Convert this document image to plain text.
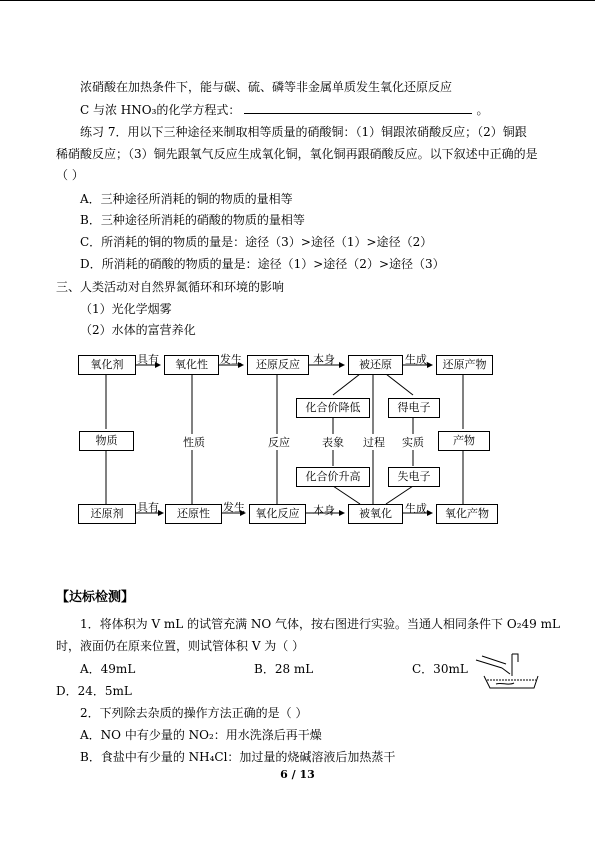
浓硝酸在加热条件下，能与碳、硫、磷等非金属单质发生氧化还原反应
C 与浓 HNO₃的化学方程式：	。
练习 7．用以下三种途径来制取相等质量的硝酸铜：（1）铜跟浓硝酸反应；（2）铜跟
稀硝酸反应；（3）铜先跟氧气反应生成氧化铜，氧化铜再跟硝酸反应。以下叙述中正确的是
（ ）
A．三种途径所消耗的铜的物质的量相等
B．三种途径所消耗的硝酸的物质的量相等
C．所消耗的铜的物质的量是：途径（3）>途径（1）>途径（2）
D．所消耗的硝酸的物质的量是：途径（1）>途径（2）>途径（3）
三、人类活动对自然界氮循环和环境的影响
（1）光化学烟雾
（2）水体的富营养化
氧化剂	氧化性	还原反应	被还原	还原产物
化合价降低	得电子
物质	产物
化合价升高	失电子
还原剂	还原性	氧化反应	被氧化	氧化产物
具有	发生	本身	生成
具有	发生	本身	生成
性质	反应	表象 过程 实质
【达标检测】
1．将体积为 V mL 的试管充满 NO 气体，按右图进行实验。当通人相同条件下 O₂49 mL
时，液面仍在原来位置，则试管体积 V 为（ ）
A．49mL	B．28 mL	C．30mL
D．24．5mL
2．下列除去杂质的操作方法正确的是（ ）
A．NO 中有少量的 NO₂：用水洗涤后再干燥
B．食盐中有少量的 NH₄Cl：加过量的烧碱溶液后加热蒸干
6 / 13
